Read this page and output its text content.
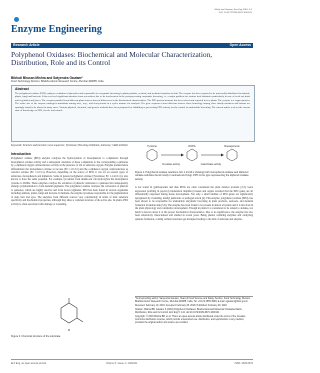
Mahe and Gautam, Enz Eng 2016, 5:1
DOI: 10.4172/2329-6674.1000141
Enzyme Engineering
Research Article	Open Access
Polyphenol Oxidases: Biochemical and Molecular Characterization, Distribution, Role and its Control
Bibhuti Bhusan Mishra and Satyendra Gautam*
Food Technology Division, Bhabha Atomic Research Centre, Mumbai 400085, India
Abstract
The polyphenol oxidase (PPO) catalyses oxidation of phenolics and responsible for enzymatic browning in plant products, seafood, and melanin formation in skin. The enzyme has been reported to be universally distributed in animals, plants, fungi and bacteria. It has received significant attention from researchers due to its involvement in the post-processing enzymatic browning, i.e. a major problem for various food industries particularly in case of fresh cut fruits and vegetables and juices. The enzymes purified from different plant sources showed differences in the biochemical characteristics. The PPO protein structure has been solved and reported in few plants. The enzyme is a copper protein. The active site of the enzyme undergoes transitions among met-, oxy-, and deoxy-forms in a cyclic manner for catalysis. The gene sequences from different sources show homology among close family members and introns are sparingly found to be absent in many cases. Various physical, chemical, and genetic methods have been proposed for inhibiting or preventing PPO activity for the control of undesirable browning. The current article reviews the current state of knowledge on PPO, its role and control.
Keywords: Structure and function; Gene sequences; Tyrosinase; Browning inhibition; Antisense; CRAS inhibitor
Introduction
Polyphenol oxidase (PPO) enzyme catalyses the hydroxylation of monophenols to o-diphenols through monophenol oxidase activity and a subsequent oxidation of these o-diphenols to the corresponding o-quinones by o-diphenol:oxygen oxidoreductase activity in the presence of O2 as substrate oxygen. Enzyme nomenclature differentiates the monophenol oxidase as laccase (EC 1.10.3.2) and the o-diphenol oxygen oxidoreductase as catechol oxidase (EC 1.10.3.1). However, depending on the source of PPO, it can act on several types of substrates, monophenols and diphenols. Some in general polyphenol oxidase (Tyrosinase; EC 1.14.18.1) is also known to have the same potential. For example, tyrosinase from mushroom can hydroxylate the monophenol tyrosine to DOPA. These enzymes catalyse the oxidation of phenolic substrates to quinones that subsequently undergo polymerisation to form melanin pigments. The polyphenol oxidase catalyses the conversion of phenols to quinones, which are highly reactive and form brown pigments. PPO has been found in various organisms including animals, plants, fungi and bacteria. In humans, the enzyme tyrosinase responsible for the pigmentation of skin, hair and eyes. The enzymes from different sources vary considerably in terms of their substrate specificity and biochemical properties, although they share a common structure of the active site. In plants, PPO activity is often associated with damage or wounding.
Tyrosine	DOPA	Dopaquinone
Cresolase activity	Catecholase activity
Figure 1: Polyphenol oxidase reactions. EC 1.14.18.1 showing both monophenol oxidase and diphenol oxidase activities found mostly in animals and fungi. PPO is the type representing the diphenol oxidase activity.
is not found in gymnosperms and thus PPOs are often considered the plant defence proteins [2,3]. Gene expression profiling in poplar (Liriodendron tulipifera) tissues and organs revealed that the PPO genes are all differentially expressed during tissue development. Not only a small number of PPO genes are significantly upregulated by wounding, methyl jasmonate or pathogen attack [4]. This enzyme, polyphenol oxidase (PPO), has been shown to be responsible for undesirable enzymatic browning in plant products, seafoods, and melanin formation in human skin [5,6]. The enzyme has been found to be present in almost all plants and it is involved in the plant physiology and constitutive development. Though in plants it is considered to be related to defense, not much is known about it at the proper biochemical characteristics. Due to its significance, the enzyme has also been extensively characterized and studied in recent years. Being phenol oxidizing enzymes and catalyzing quinone formation, coming cellular structures get disrupted leading to the mix of substrate and enzyme.
R
Figure 2: Chemical structure of the substrate.
*Corresponding author: Satyendra Gautam, Head of Food Science and Safety Section, Food Technology Division, Bhabha Atomic Research Centre, Mumbai 400085, India, Tel: +91 22 2559 3909; E-mail: sgautam@barc.gov.in
Received: February 10, 2016; Accepted: February 25, 2016; Published: February 29, 2016
Citation: Mishra BB, Gautam S (2016) Polyphenol Oxidases: Biochemical and Molecular Characterization, Distribution, Role and its Control. Enz Eng 5: 141. doi:10.4172/2329-6674.1000141
Copyright: © 2016 Mishra BB, et al. This is an open-access article distributed under the terms of the Creative Commons Attribution License, which permits unrestricted use, distribution, and reproduction in any medium, provided the original author and source are credited.
Enz Eng, an open access journal	Volume 5 • Issue 1 • 1000141	ISSN: 2329-6674
